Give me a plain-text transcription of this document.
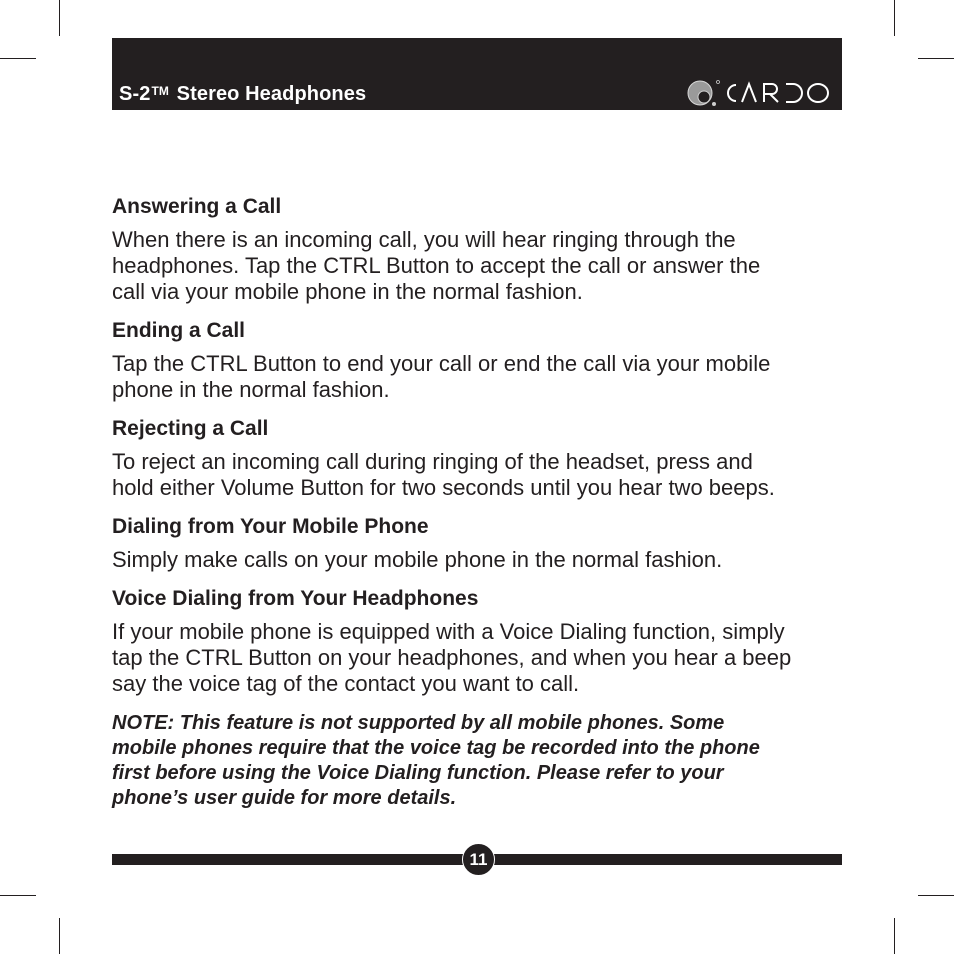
S-2™ Stereo Headphones
Answering a Call
When there is an incoming call, you will hear ringing through the
headphones. Tap the CTRL Button to accept the call or answer the
call via your mobile phone in the normal fashion.
Ending a Call
Tap the CTRL Button to end your call or end the call via your mobile
phone in the normal fashion.
Rejecting a Call
To reject an incoming call during ringing of the headset, press and
hold either Volume Button for two seconds until you hear two beeps.
Dialing from Your Mobile Phone
Simply make calls on your mobile phone in the normal fashion.
Voice Dialing from Your Headphones
If your mobile phone is equipped with a Voice Dialing function, simply
tap the CTRL Button on your headphones, and when you hear a beep
say the voice tag of the contact you want to call.
NOTE: This feature is not supported by all mobile phones. Some
mobile phones require that the voice tag be recorded into the phone
first before using the Voice Dialing function. Please refer to your
phone’s user guide for more details.
11
